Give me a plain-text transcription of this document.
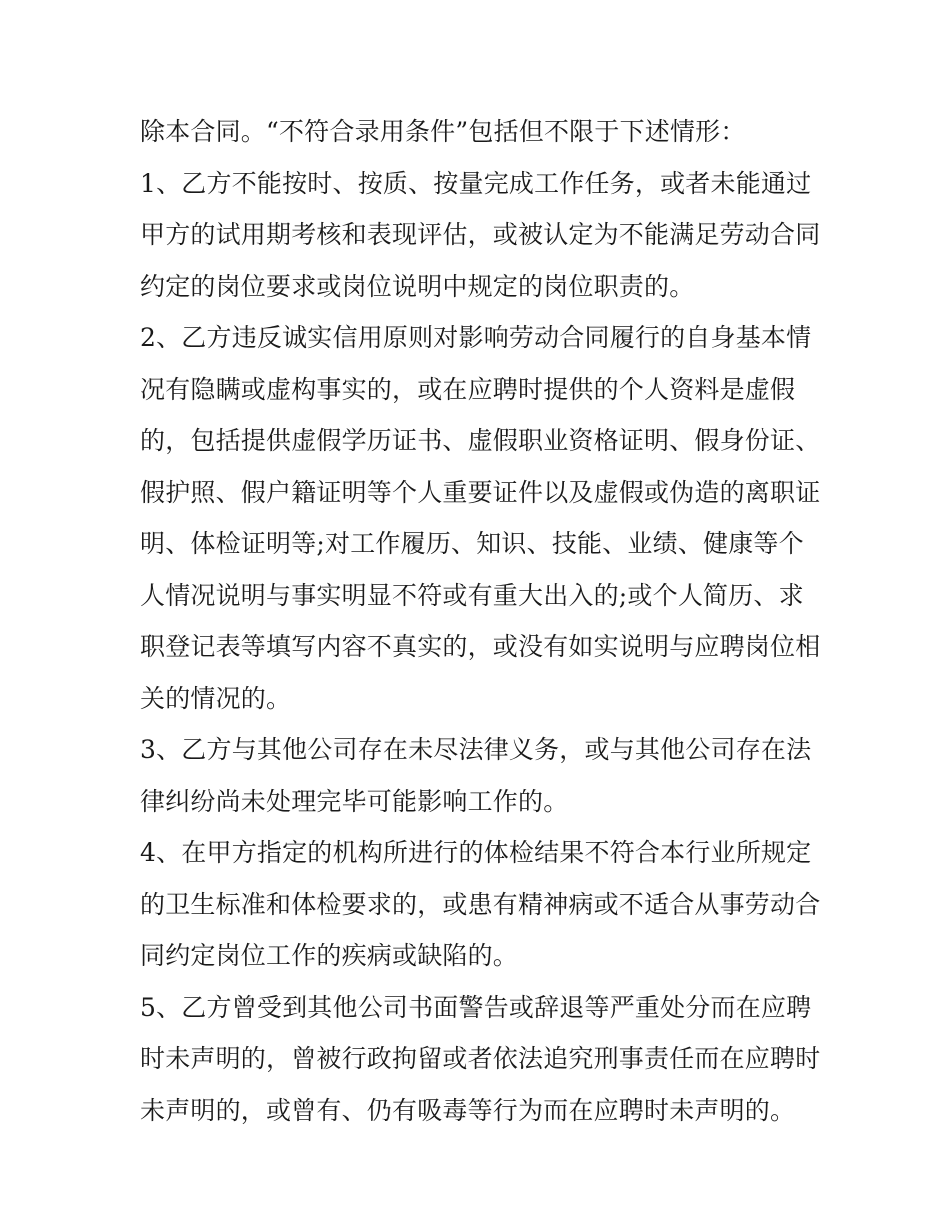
除本合同。“不符合录用条件”包括但不限于下述情形：
1、乙方不能按时、按质、按量完成工作任务，或者未能通过
甲方的试用期考核和表现评估，或被认定为不能满足劳动合同
约定的岗位要求或岗位说明中规定的岗位职责的。
2、乙方违反诚实信用原则对影响劳动合同履行的自身基本情
况有隐瞒或虚构事实的，或在应聘时提供的个人资料是虚假
的，包括提供虚假学历证书、虚假职业资格证明、假身份证、
假护照、假户籍证明等个人重要证件以及虚假或伪造的离职证
明、体检证明等;对工作履历、知识、技能、业绩、健康等个
人情况说明与事实明显不符或有重大出入的;或个人简历、求
职登记表等填写内容不真实的，或没有如实说明与应聘岗位相
关的情况的。
3、乙方与其他公司存在未尽法律义务，或与其他公司存在法
律纠纷尚未处理完毕可能影响工作的。
4、在甲方指定的机构所进行的体检结果不符合本行业所规定
的卫生标准和体检要求的，或患有精神病或不适合从事劳动合
同约定岗位工作的疾病或缺陷的。
5、乙方曾受到其他公司书面警告或辞退等严重处分而在应聘
时未声明的，曾被行政拘留或者依法追究刑事责任而在应聘时
未声明的，或曾有、仍有吸毒等行为而在应聘时未声明的。
